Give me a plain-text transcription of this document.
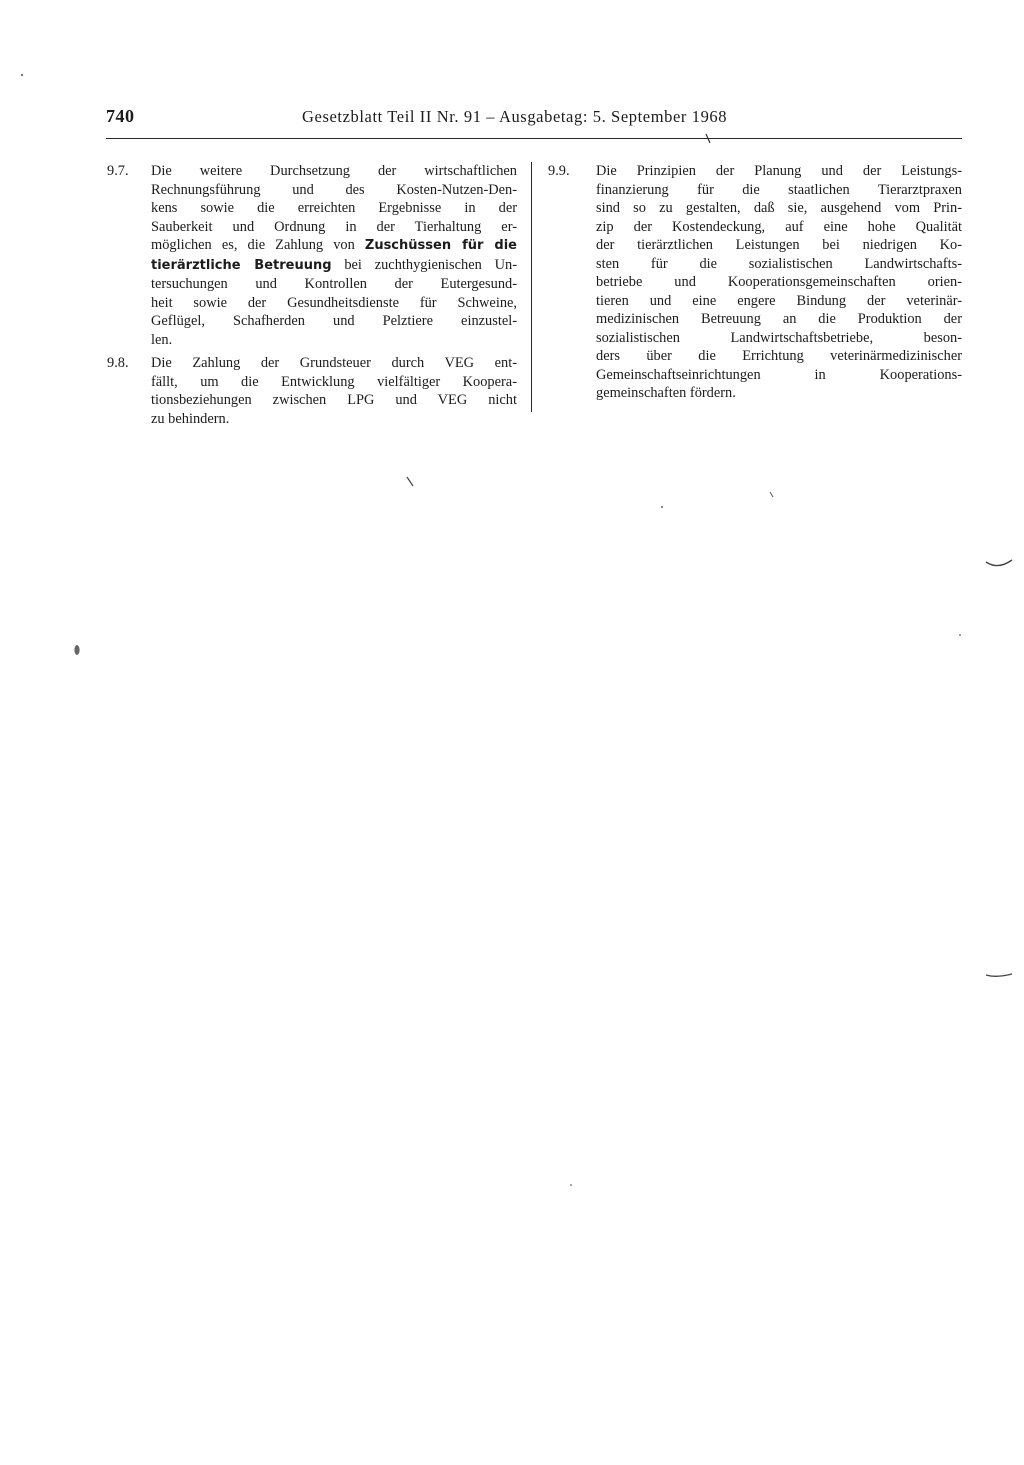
740	Gesetzblatt Teil II Nr. 91 – Ausgabetag: 5. September 1968
9.7. Die weitere Durchsetzung der wirtschaftlichen
Rechnungsführung und des Kosten-Nutzen-Den-
kens sowie die erreichten Ergebnisse in der
Sauberkeit und Ordnung in der Tierhaltung er-
möglichen es, die Zahlung von Zuschüssen für die
tierärztliche Betreuung bei zuchthygienischen Un-
tersuchungen und Kontrollen der Eutergesund-
heit sowie der Gesundheitsdienste für Schweine,
Geflügel, Schafherden und Pelztiere einzustel-
len.
9.8. Die Zahlung der Grundsteuer durch VEG ent-
fällt, um die Entwicklung vielfältiger Koopera-
tionsbeziehungen zwischen LPG und VEG nicht
zu behindern.
9.9. Die Prinzipien der Planung und der Leistungs-
finanzierung für die staatlichen Tierarztpraxen
sind so zu gestalten, daß sie, ausgehend vom Prin-
zip der Kostendeckung, auf eine hohe Qualität
der tierärztlichen Leistungen bei niedrigen Ko-
sten für die sozialistischen Landwirtschafts-
betriebe und Kooperationsgemeinschaften orien-
tieren und eine engere Bindung der veterinär-
medizinischen Betreuung an die Produktion der
sozialistischen Landwirtschaftsbetriebe, beson-
ders über die Errichtung veterinärmedizinischer
Gemeinschaftseinrichtungen in Kooperations-
gemeinschaften fördern.
